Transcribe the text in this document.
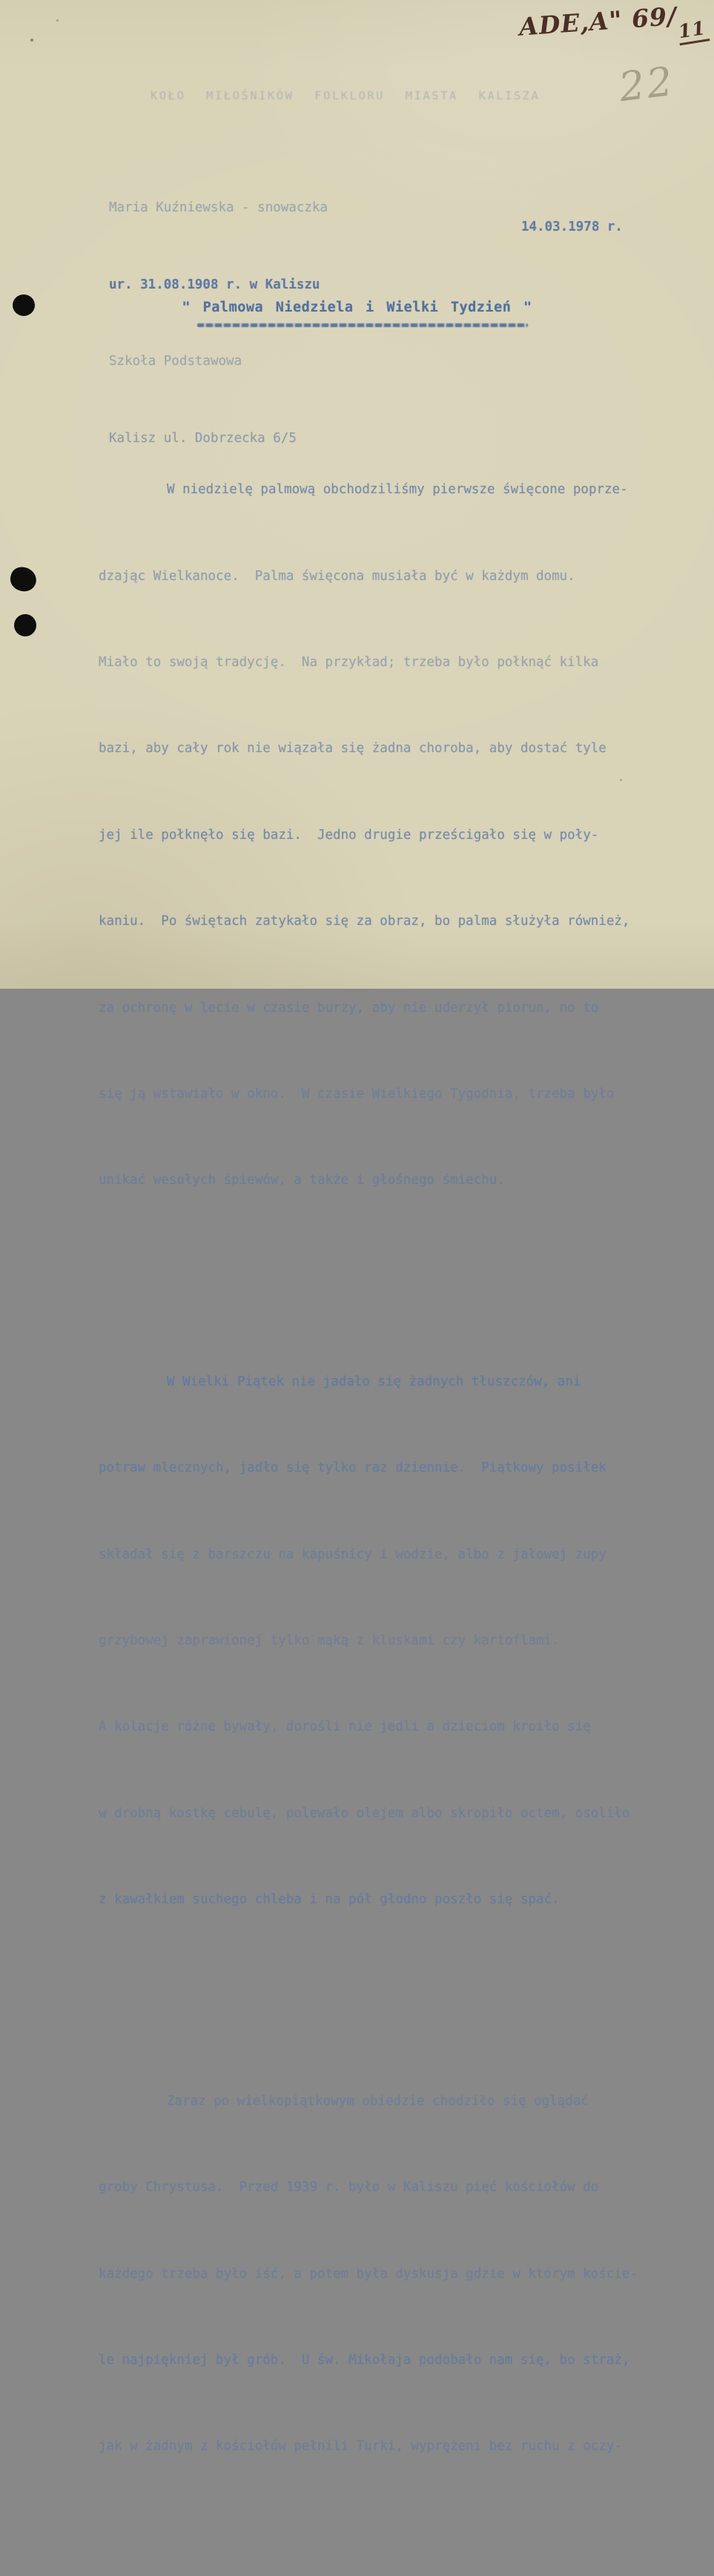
ADE,A" 69/11
22
KOŁO MIŁOŚNIKÓW FOLKLORU MIASTA KALISZA

Maria Kuźniewska - snowaczka

ur. 31.08.1908 r. w Kaliszu

Szkoła Podstawowa

Kalisz ul. Dobrzecka 6/5

14.03.1978 r.
" Palmowa Niedziela i Wielki Tydzień "

W niedzielę palmową obchodziliśmy pierwsze święcone poprze-

dzając Wielkanoce.  Palma święcona musiała być w każdym domu.

Miało to swoją tradycję.  Na przykład; trzeba było połknąć kilka

bazi, aby cały rok nie wiązała się żadna choroba, aby dostać tyle

jej ile połknęło się bazi.  Jedno drugie prześcigało się w poły-

kaniu.  Po świętach zatykało się za obraz, bo palma służyła również,

za ochronę w lecie w czasie burzy, aby nie uderzył piorun, no to

się ją wstawiało w okno.  W czasie Wielkiego Tygodnia, trzeba było

unikać wesołych śpiewów, a także i głośnego śmiechu.

W Wielki Piątek nie jadało się żadnych tłuszczów, ani

potraw mlecznych, jadło się tylko raz dziennie.  Piątkowy posiłek

składał się z barszczu na kapuśnicy i wodzie, albo z jałowej zupy

grzybowej zaprawionej tylko mąką z kluskami czy kartoflami.

A kolacje różne bywały, dorośli nie jedli a dzieciom kroiło się

w drobną kostkę cebulę, polewało olejem albo skropiło octem, osoliło

z kawałkiem suchego chleba i na pół głodno poszło się spać.

Zaraz po wielkopiątkowym obiedzie chodziło się oglądać

groby Chrystusa.  Przed 1939 r. było w Kaliszu pięć kościołów do

każdego trzeba było iść, a potem była dyskusja gdzie w którym koście-

le najpiękniej był grób.  U św. Mikołaja podobało nam się, bo straż,

jak w żadnym z kościołów pełnili Turki, wyprężeni bez ruchu z oczy-
